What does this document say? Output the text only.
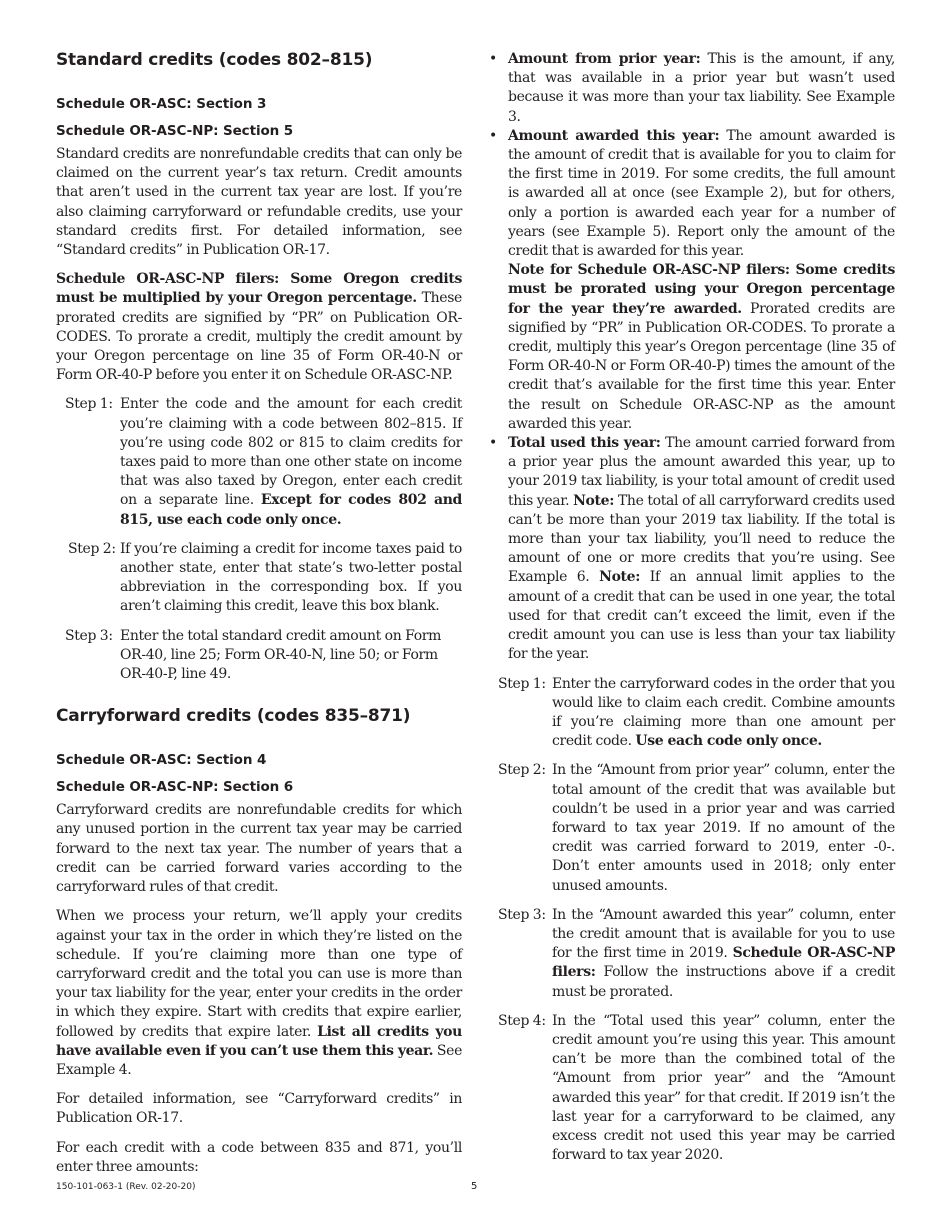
Standard credits (codes 802–815)
Schedule OR-ASC: Section 3
Schedule OR-ASC-NP: Section 5

Standard credits are nonrefundable credits that can only be claimed on the current year’s tax return. Credit amounts that aren’t used in the current tax year are lost. If you’re also claiming carryforward or refundable credits, use your standard credits first. For detailed information, see “Standard credits” in Publication OR-17.

Schedule OR-ASC-NP filers: Some Oregon credits must be multiplied by your Oregon percentage. These prorated credits are signified by “PR” on Publication OR-CODES. To prorate a credit, multiply the credit amount by your Oregon percentage on line 35 of Form OR-40-N or Form OR-40-P before you enter it on Schedule OR-ASC-NP.

Step 1: Enter the code and the amount for each credit you’re claiming with a code between 802–815. If you’re using code 802 or 815 to claim credits for taxes paid to more than one other state on income that was also taxed by Oregon, enter each credit on a separate line. Except for codes 802 and 815, use each code only once.
Step 2: If you’re claiming a credit for income taxes paid to another state, enter that state’s two-letter postal abbreviation in the corresponding box. If you aren’t claiming this credit, leave this box blank.
Step 3: Enter the total standard credit amount on Form OR-40, line 25; Form OR-40-N, line 50; or Form OR-40-P, line 49.
Carryforward credits (codes 835–871)
Schedule OR-ASC: Section 4
Schedule OR-ASC-NP: Section 6

Carryforward credits are nonrefundable credits for which any unused portion in the current tax year may be carried forward to the next tax year. The number of years that a credit can be carried forward varies according to the carryforward rules of that credit.

When we process your return, we’ll apply your credits against your tax in the order in which they’re listed on the schedule. If you’re claiming more than one type of carryforward credit and the total you can use is more than your tax liability for the year, enter your credits in the order in which they expire. Start with credits that expire earlier, followed by credits that expire later. List all credits you have available even if you can’t use them this year. See Example 4.

For detailed information, see “Carryforward credits” in Publication OR-17.

For each credit with a code between 835 and 871, you’ll enter three amounts:

• Amount from prior year: This is the amount, if any, that was available in a prior year but wasn’t used because it was more than your tax liability. See Example 3.
• Amount awarded this year: The amount awarded is the amount of credit that is available for you to claim for the first time in 2019. For some credits, the full amount is awarded all at once (see Example 2), but for others, only a portion is awarded each year for a number of years (see Example 5). Report only the amount of the credit that is awarded for this year.

Note for Schedule OR-ASC-NP filers: Some credits must be prorated using your Oregon percentage for the year they’re awarded. Prorated credits are signified by “PR” in Publication OR-CODES. To prorate a credit, multiply this year’s Oregon percentage (line 35 of Form OR-40-N or Form OR-40-P) times the amount of the credit that’s available for the first time this year. Enter the result on Schedule OR-ASC-NP as the amount awarded this year.

• Total used this year: The amount carried forward from a prior year plus the amount awarded this year, up to your 2019 tax liability, is your total amount of credit used this year. Note: The total of all carryforward credits used can’t be more than your 2019 tax liability. If the total is more than your tax liability, you’ll need to reduce the amount of one or more credits that you’re using. See Example 6. Note: If an annual limit applies to the amount of a credit that can be used in one year, the total used for that credit can’t exceed the limit, even if the credit amount you can use is less than your tax liability for the year.
Step 1: Enter the carryforward codes in the order that you would like to claim each credit. Combine amounts if you’re claiming more than one amount per credit code. Use each code only once.
Step 2: In the “Amount from prior year” column, enter the total amount of the credit that was available but couldn’t be used in a prior year and was carried forward to tax year 2019. If no amount of the credit was carried forward to 2019, enter -0-. Don’t enter amounts used in 2018; only enter unused amounts.
Step 3: In the “Amount awarded this year” column, enter the credit amount that is available for you to use for the first time in 2019. Schedule OR-ASC-NP filers: Follow the instructions above if a credit must be prorated.
Step 4: In the “Total used this year” column, enter the credit amount you’re using this year. This amount can’t be more than the combined total of the “Amount from prior year” and the “Amount awarded this year” for that credit. If 2019 isn’t the last year for a carryforward to be claimed, any excess credit not used this year may be carried forward to tax year 2020.
150-101-063-1 (Rev. 02-20-20)	5
